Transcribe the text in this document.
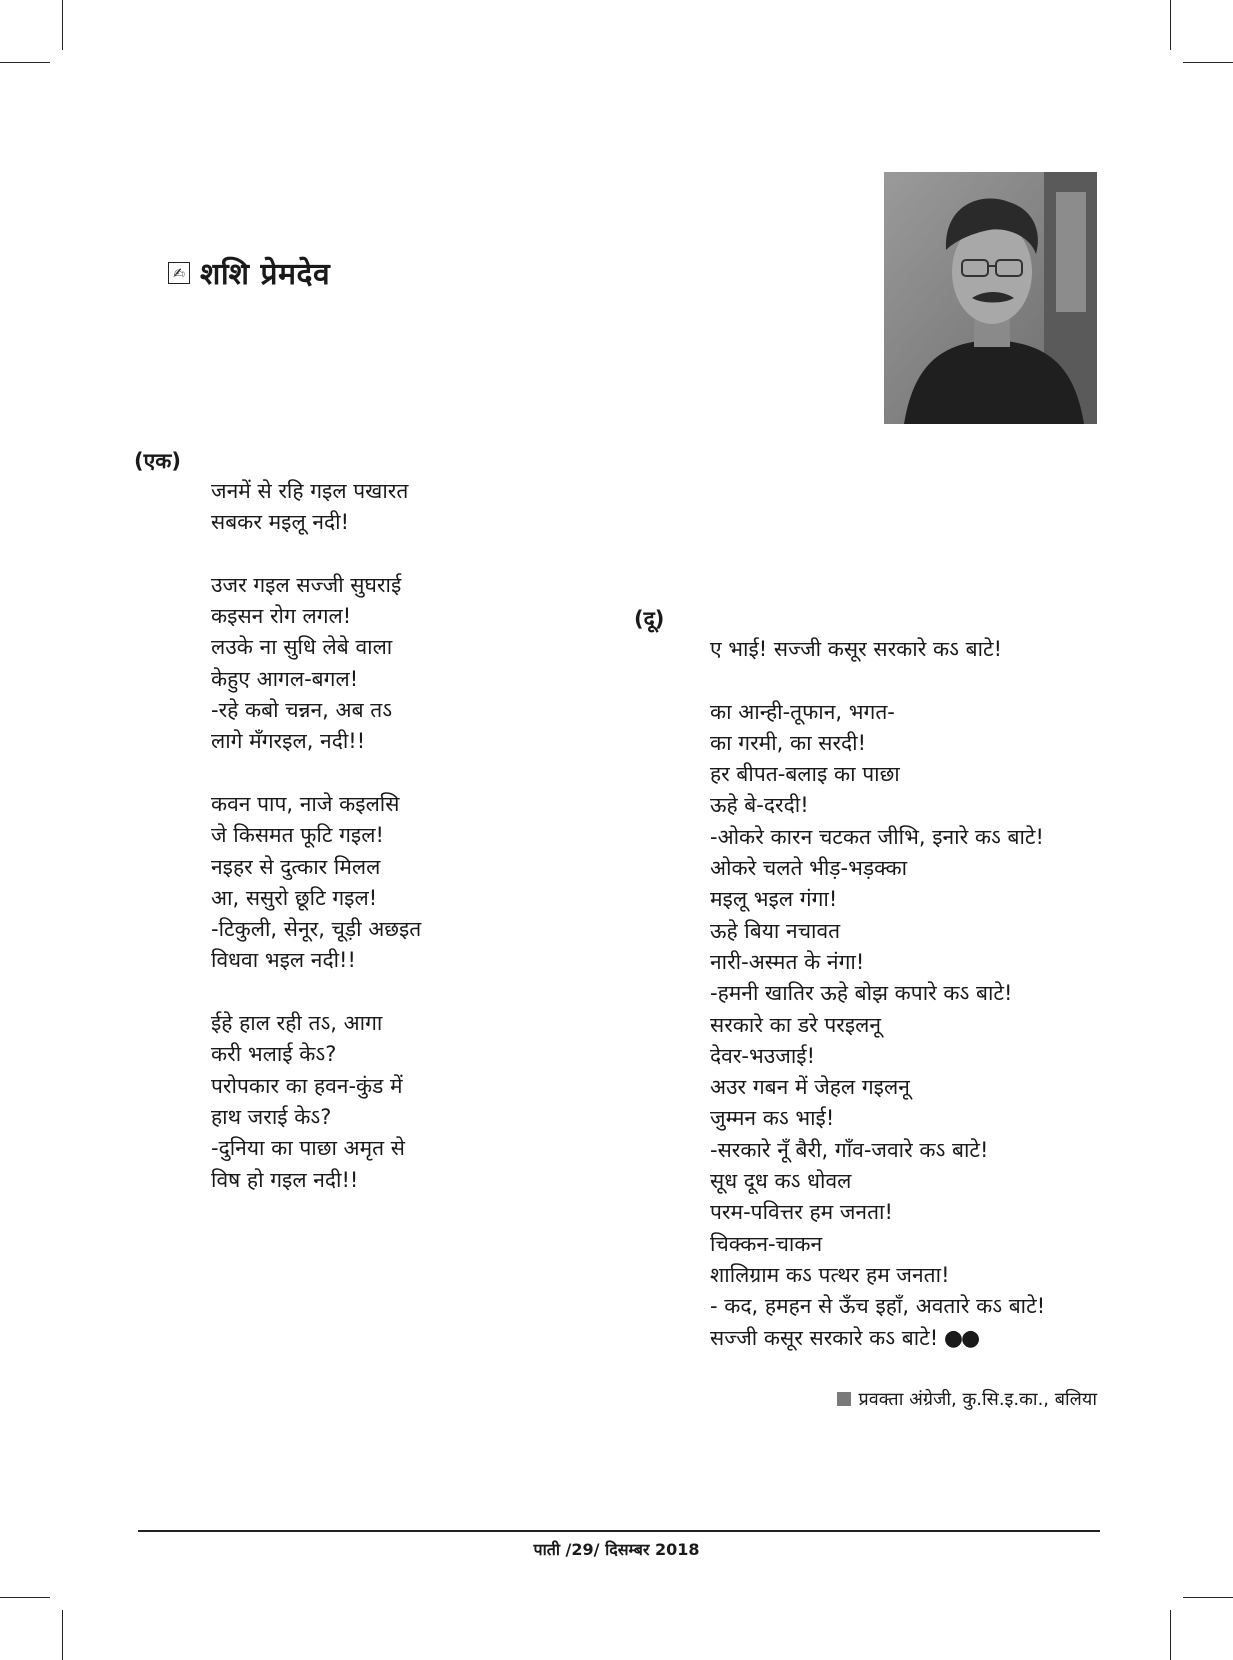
✍ शशि प्रेमदेव
(एक)
जनमें से रहि गइल पखारत
सबकर मइलू नदी!
उजर गइल सज्जी सुघराई
कइसन रोग लगल!
लउके ना सुधि लेबे वाला
केहुए आगल-बगल!
-रहे कबो चन्नन, अब तऽ
लागे मँगरइल, नदी!!
कवन पाप, नाजे कइलसि
जे किसमत फूटि गइल!
नइहर से दुत्कार मिलल
आ, ससुरो छूटि गइल!
-टिकुली, सेनूर, चूड़ी अछइत
विधवा भइल नदी!!
ईहे हाल रही तऽ, आगा
करी भलाई केऽ?
परोपकार का हवन-कुंड में
हाथ जराई केऽ?
-दुनिया का पाछा अमृत से
विष हो गइल नदी!!
(दू)
ए भाई! सज्जी कसूर सरकारे कऽ बाटे!
का आन्ही-तूफान, भगत-
का गरमी, का सरदी!
हर बीपत-बलाइ का पाछा
ऊहे बे-दरदी!
-ओकरे कारन चटकत जीभि, इनारे कऽ बाटे!
ओकरे चलते भीड़-भड़क्का
मइलू भइल गंगा!
ऊहे बिया नचावत
नारी-अस्मत के नंगा!
-हमनी खातिर ऊहे बोझ कपारे कऽ बाटे!
सरकारे का डरे परइलनू
देवर-भउजाई!
अउर गबन में जेहल गइलनू
जुम्मन कऽ भाई!
-सरकारे नूँ बैरी, गाँव-जवारे कऽ बाटे!
सूध दूध कऽ धोवल
परम-पवित्तर हम जनता!
चिक्कन-चाकन
शालिग्राम कऽ पत्थर हम जनता!
- कद, हमहन से ऊँच इहाँ, अवतारे कऽ बाटे!
सज्जी कसूर सरकारे कऽ बाटे! ●●
प्रवक्ता अंग्रेजी, कु.सि.इ.का., बलिया
पाती /29/ दिसम्बर 2018
